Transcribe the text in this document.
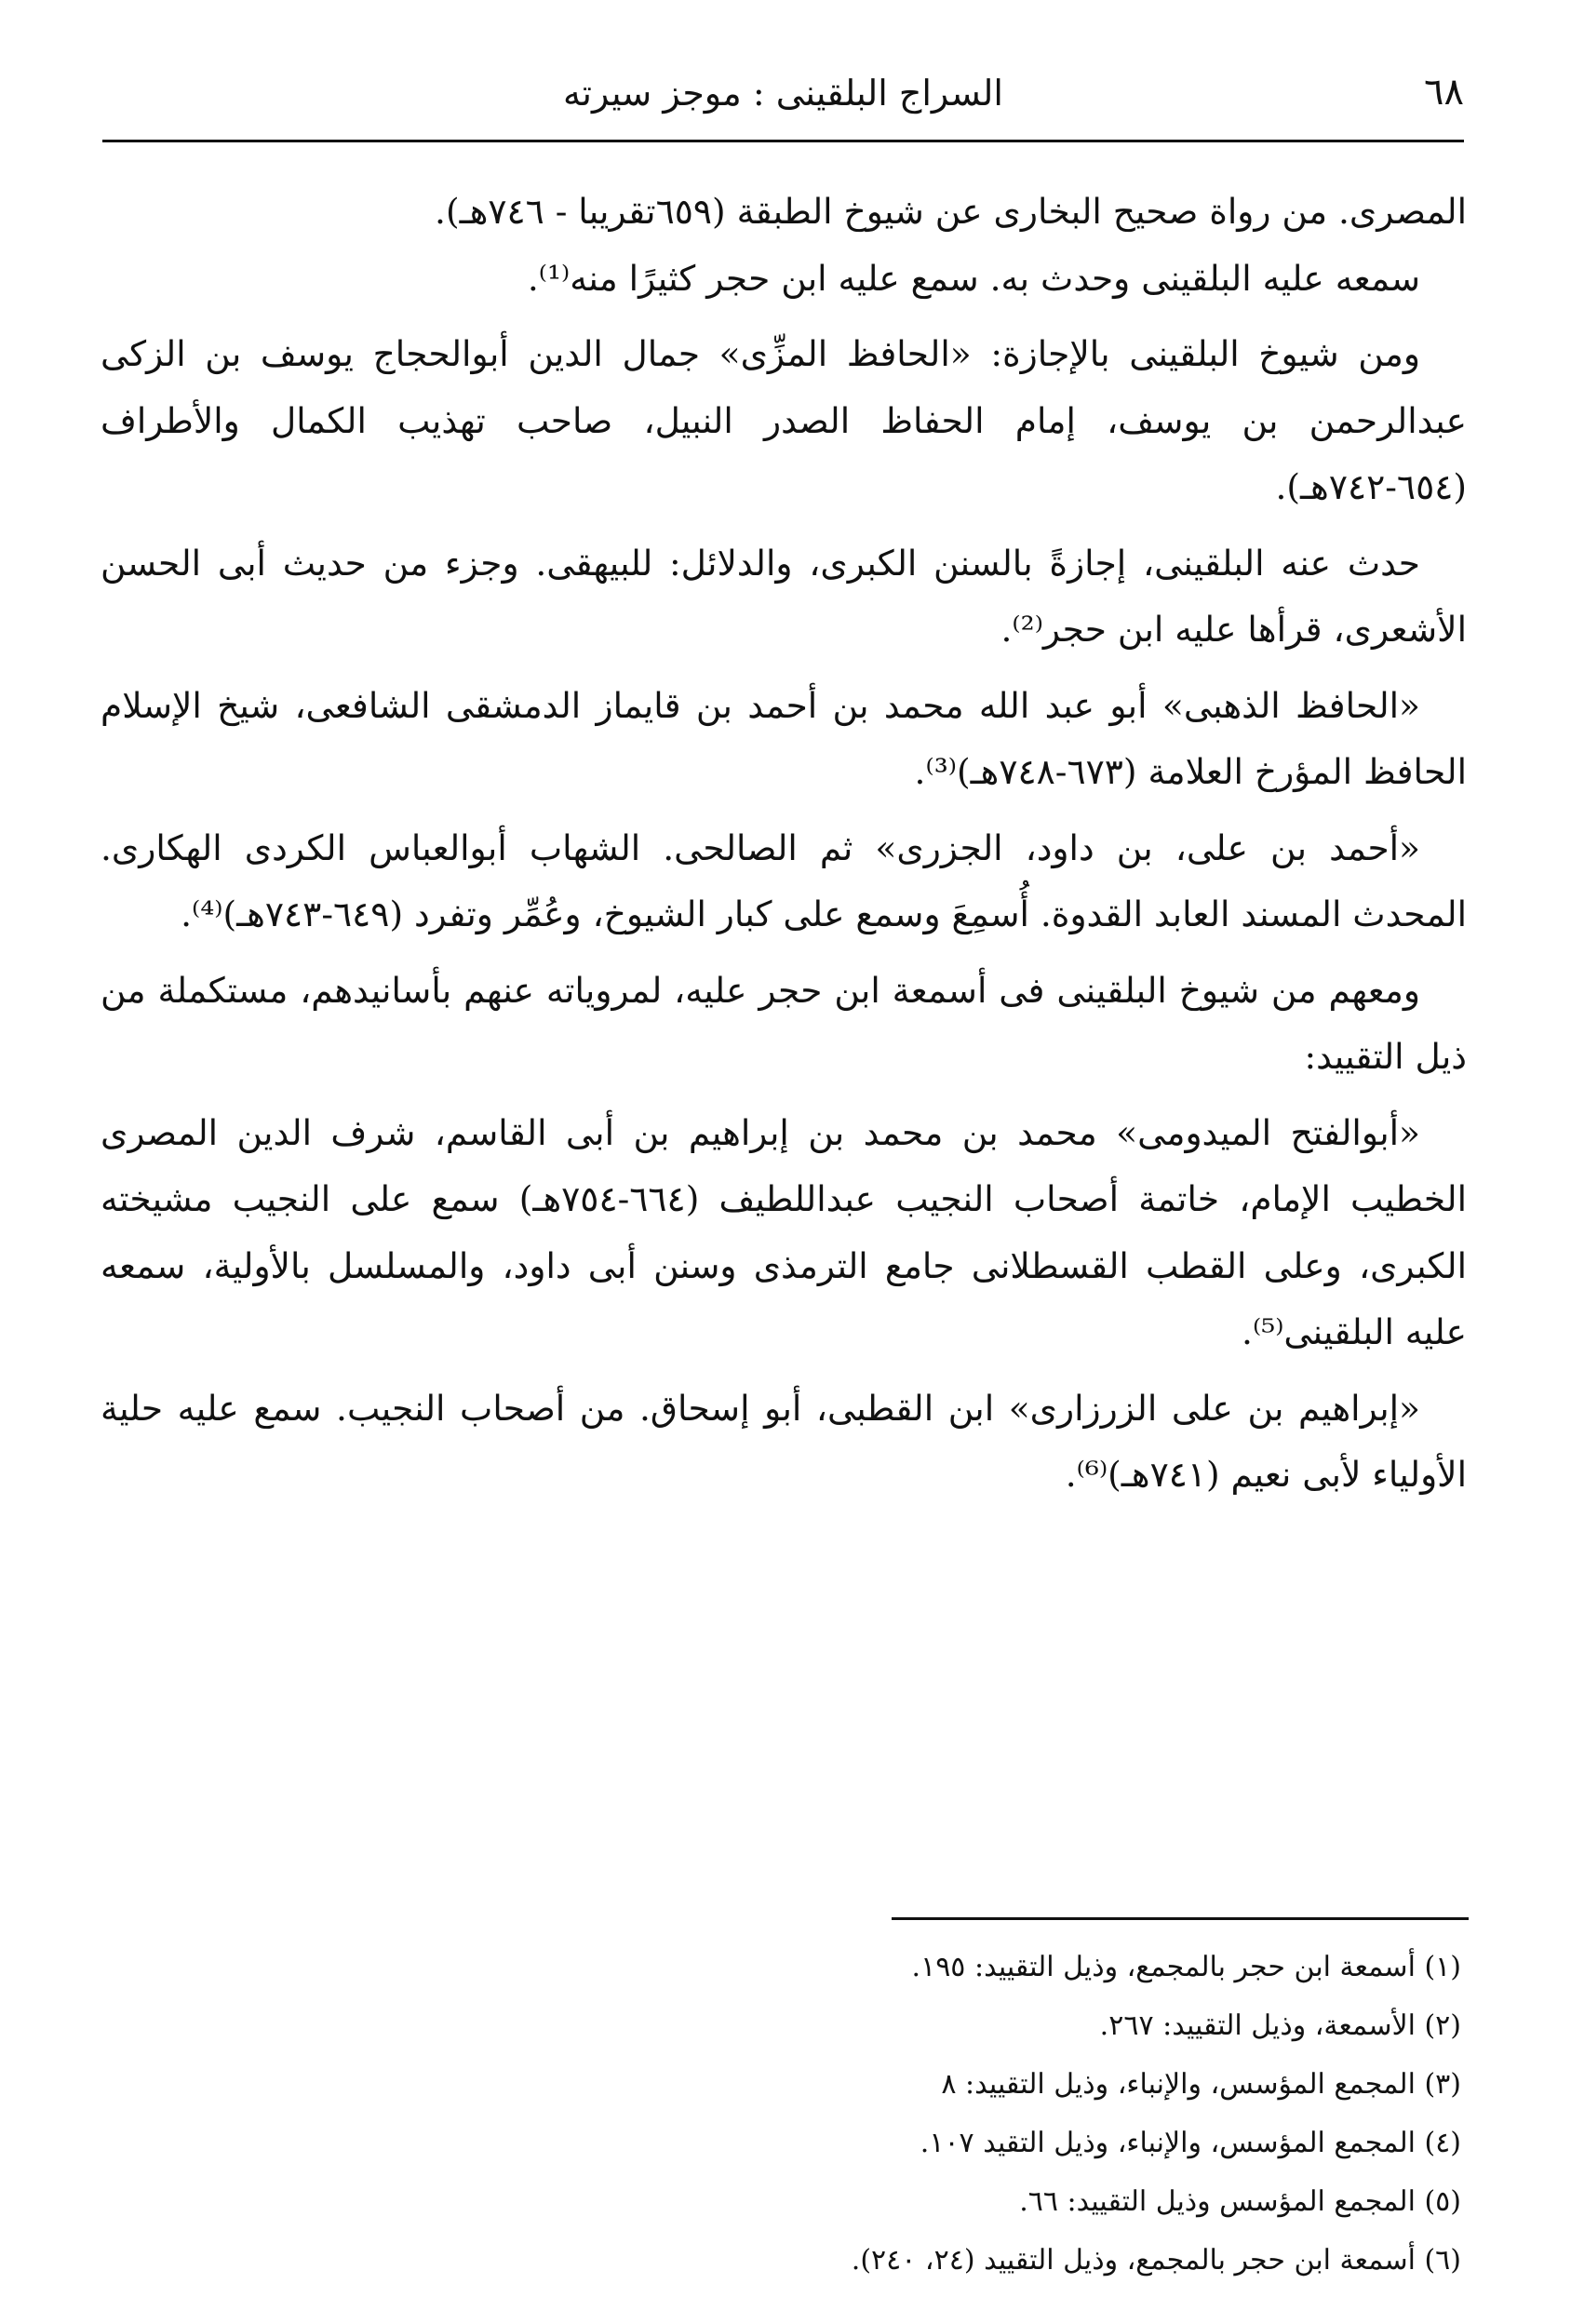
٦٨
السراج البلقينى : موجز سيرته

المصرى. من رواة صحيح البخارى عن شيوخ الطبقة (٦٥٩تقريبا - ٧٤٦هـ).

سمعه عليه البلقينى وحدث به. سمع عليه ابن حجر كثيرًا منه⁽¹⁾.

ومن شيوخ البلقينى بالإجازة: «الحافظ المزِّى» جمال الدين أبوالحجاج يوسف بن الزكى عبدالرحمن بن يوسف، إمام الحفاظ الصدر النبيل، صاحب تهذيب الكمال والأطراف (٦٥٤-٧٤٢هـ).

حدث عنه البلقينى، إجازةً بالسنن الكبرى، والدلائل: للبيهقى. وجزء من حديث أبى الحسن الأشعرى، قرأها عليه ابن حجر⁽²⁾.

«الحافظ الذهبى» أبو عبد الله محمد بن أحمد بن قايماز الدمشقى الشافعى، شيخ الإسلام الحافظ المؤرخ العلامة (٦٧٣-٧٤٨هـ)⁽³⁾.

«أحمد بن على، بن داود، الجزرى» ثم الصالحى. الشهاب أبوالعباس الكردى الهكارى. المحدث المسند العابد القدوة. أُسمِعَ وسمع على كبار الشيوخ، وعُمِّر وتفرد (٦٤٩-٧٤٣هـ)⁽⁴⁾.

ومعهم من شيوخ البلقينى فى أسمعة ابن حجر عليه، لمروياته عنهم بأسانيدهم، مستكملة من ذيل التقييد:

«أبوالفتح الميدومى» محمد بن محمد بن إبراهيم بن أبى القاسم، شرف الدين المصرى الخطيب الإمام، خاتمة أصحاب النجيب عبداللطيف (٦٦٤-٧٥٤هـ) سمع على النجيب مشيخته الكبرى، وعلى القطب القسطلانى جامع الترمذى وسنن أبى داود، والمسلسل بالأولية، سمعه عليه البلقينى⁽⁵⁾.

«إبراهيم بن على الزرزارى» ابن القطبى، أبو إسحاق. من أصحاب النجيب. سمع عليه حلية الأولياء لأبى نعيم (٧٤١هـ)⁽⁶⁾.

(١) أسمعة ابن حجر بالمجمع، وذيل التقييد: ١٩٥.
(٢) الأسمعة، وذيل التقييد: ٢٦٧.
(٣) المجمع المؤسس، والإنباء، وذيل التقييد: ٨
(٤) المجمع المؤسس، والإنباء، وذيل التقيد ١٠٧.
(٥) المجمع المؤسس وذيل التقييد: ٦٦.
(٦) أسمعة ابن حجر بالمجمع، وذيل التقييد (٢٤، ٢٤٠).
